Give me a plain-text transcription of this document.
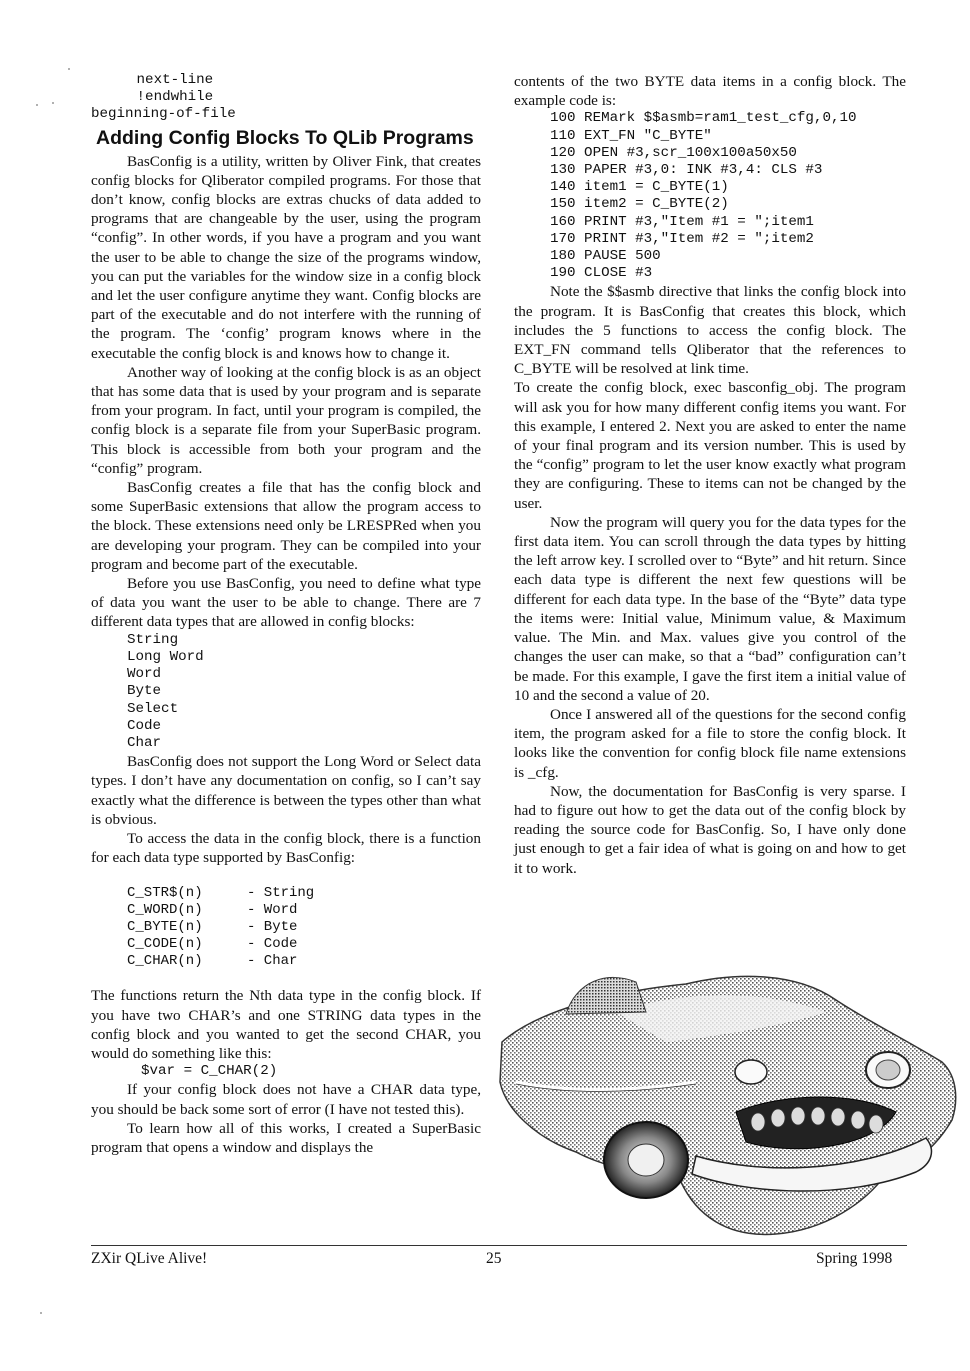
next-line
!endwhile
beginning-of-file
Adding Config Blocks To QLib Programs

BasConfig is a utility, written by Oliver Fink, that creates config blocks for Qliberator compiled programs. For those that don’t know, config blocks are extras chucks of data added to programs that are changeable by the user, using the program “config”. In other words, if you have a program and you want the user to be able to change the size of the programs window, you can put the variables for the window size in a config block and let the user configure anytime they want. Config blocks are part of the executable and do not interfere with the running of the program. The ‘config’ program knows where in the executable the config block is and knows how to change it.

Another way of looking at the config block is as an object that has some data that is used by your program and is separate from your program. In fact, until your program is compiled, the config block is a separate file from your SuperBasic program. This block is accessible from both your program and the “config” program.

BasConfig creates a file that has the config block and some SuperBasic extensions that allow the program access to the block. These extensions need only be LRESPRed when you are developing your program. They can be compiled into your program and become part of the executable.

Before you use BasConfig, you need to define what type of data you want the user to be able to change. There are 7 different data types that are allowed in config blocks:

String
Long Word
Word
Byte
Select
Code
Char

BasConfig does not support the Long Word or Select data types. I don’t have any documentation on config, so I can’t say exactly what the difference is between the types other than what is obvious.

To access the data in the config block, there is a function for each data type supported by BasConfig:

C_STR$(n)	- String
C_WORD(n)	- Word
C_BYTE(n)	- Byte
C_CODE(n)	- Code
C_CHAR(n)	- Char

The functions return the Nth data type in the config block. If you have two CHAR’s and one STRING data types in the config block and you wanted to get the second CHAR, you would do something like this:

$var = C_CHAR(2)

If your config block does not have a CHAR data type, you should be back some sort of error (I have not tested this).

To learn how all of this works, I created a SuperBasic program that opens a window and displays the

contents of the two BYTE data items in a config block. The example code is:

100 REMark $$asmb=ram1_test_cfg,0,10
110 EXT_FN "C_BYTE"
120 OPEN #3,scr_100x100a50x50
130 PAPER #3,0: INK #3,4: CLS #3
140 item1 = C_BYTE(1)
150 item2 = C_BYTE(2)
160 PRINT #3,"Item #1 = ";item1
170 PRINT #3,"Item #2 = ";item2
180 PAUSE 500
190 CLOSE #3

Note the $$asmb directive that links the config block into the program. It is BasConfig that creates this block, which includes the 5 functions to access the config block. The EXT_FN command tells Qliberator that the references to C_BYTE will be resolved at link time.

To create the config block, exec basconfig_obj. The program will ask you for how many different config items you want. For this example, I entered 2. Next you are asked to enter the name of your final program and its version number. This is used by the “config” program to let the user know exactly what program they are configuring. These to items can not be changed by the user.

Now the program will query you for the data types for the first data item. You can scroll through the data types by hitting the left arrow key. I scrolled over to “Byte” and hit return. Since each data type is different the next few questions will be different for each data type. In the base of the “Byte” data type the items were: Initial value, Minimum value, & Maximum value. The Min. and Max. values give you control of the changes the user can make, so that a “bad” configuration can’t be made. For this example, I gave the first item a initial value of 10 and the second a value of 20.

Once I answered all of the questions for the second config item, the program asked for a file to store the config block. It looks like the convention for config block file name extensions is _cfg.

Now, the documentation for BasConfig is very sparse. I had to figure out how to get the data out of the config block by reading the source code for BasConfig. So, I have only done just enough to get a fair idea of what is going on and how to get it to work.

ZXir QLive Alive!	25	Spring 1998
